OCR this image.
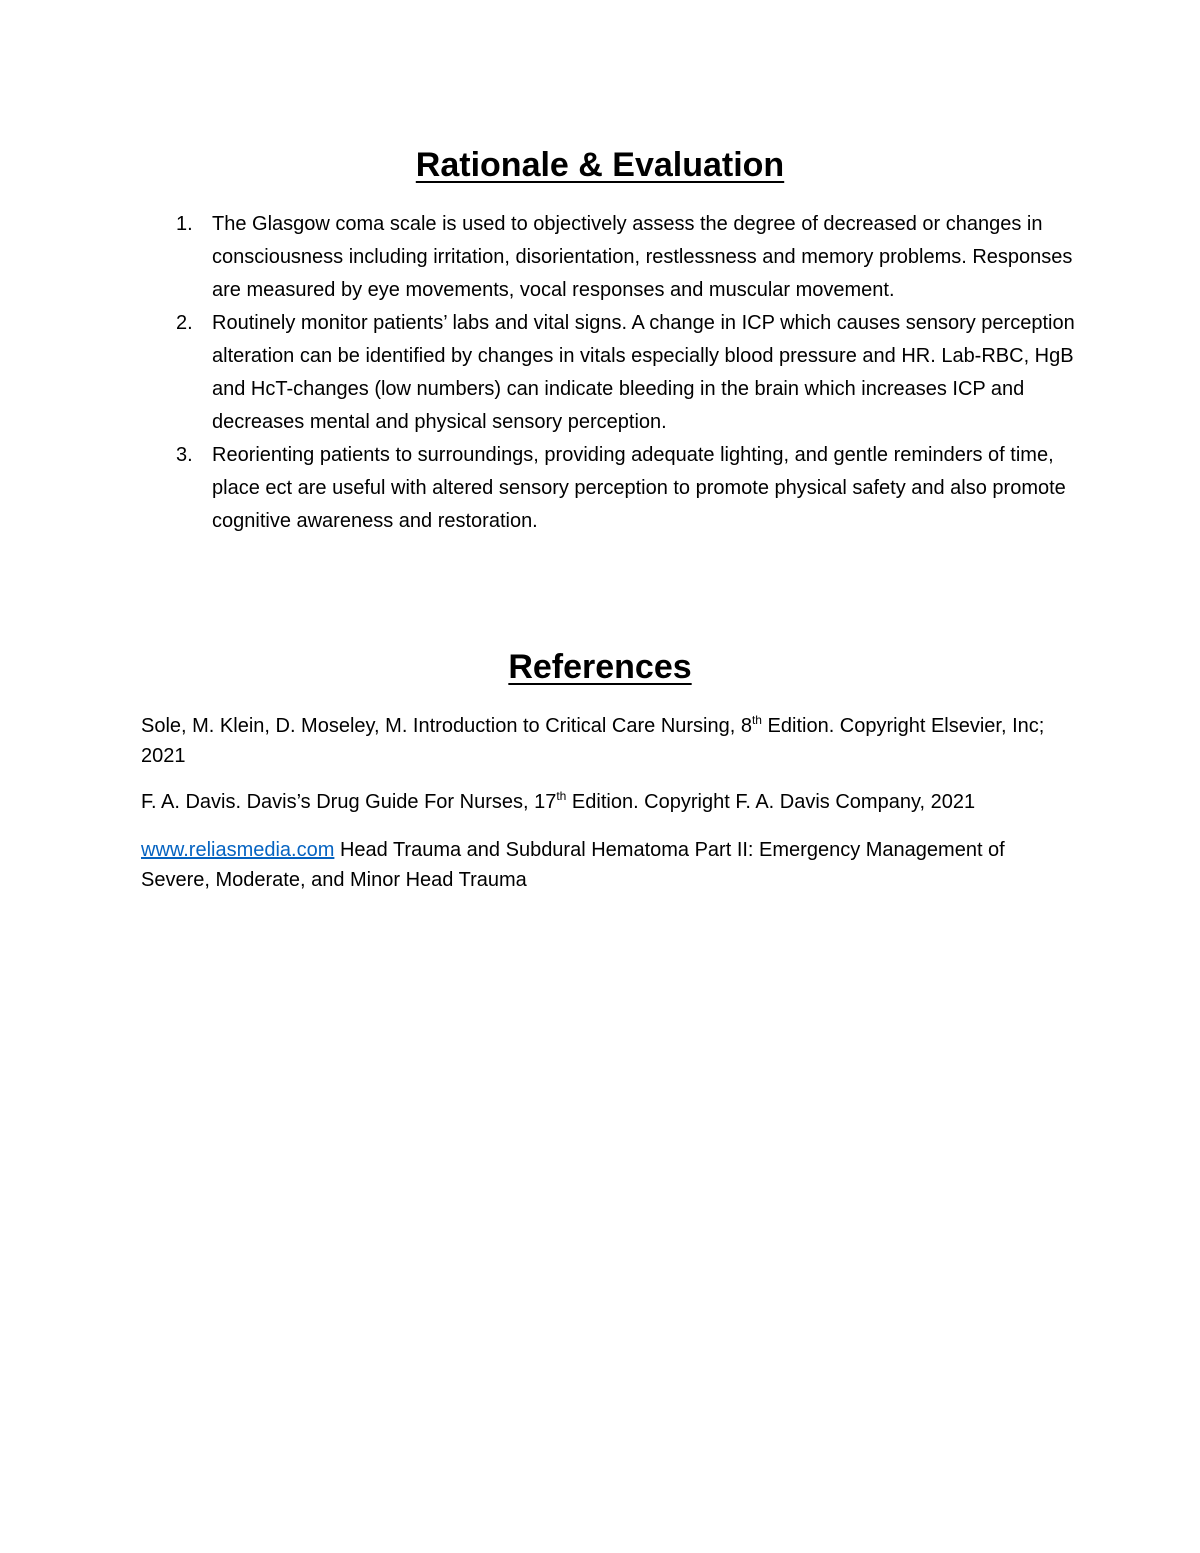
Rationale & Evaluation
1. The Glasgow coma scale is used to objectively assess the degree of decreased or changes in consciousness including irritation, disorientation, restlessness and memory problems. Responses are measured by eye movements, vocal responses and muscular movement.
2. Routinely monitor patients’ labs and vital signs. A change in ICP which causes sensory perception alteration can be identified by changes in vitals especially blood pressure and HR. Lab-RBC, HgB and HcT-changes (low numbers) can indicate bleeding in the brain which increases ICP and decreases mental and physical sensory perception.
3. Reorienting patients to surroundings, providing adequate lighting, and gentle reminders of time, place ect are useful with altered sensory perception to promote physical safety and also promote cognitive awareness and restoration.
References

Sole, M. Klein, D. Moseley, M. Introduction to Critical Care Nursing, 8th Edition. Copyright Elsevier, Inc; 2021

F. A. Davis. Davis’s Drug Guide For Nurses, 17th Edition. Copyright F. A. Davis Company, 2021

www.reliasmedia.com Head Trauma and Subdural Hematoma Part II: Emergency Management of Severe, Moderate, and Minor Head Trauma
